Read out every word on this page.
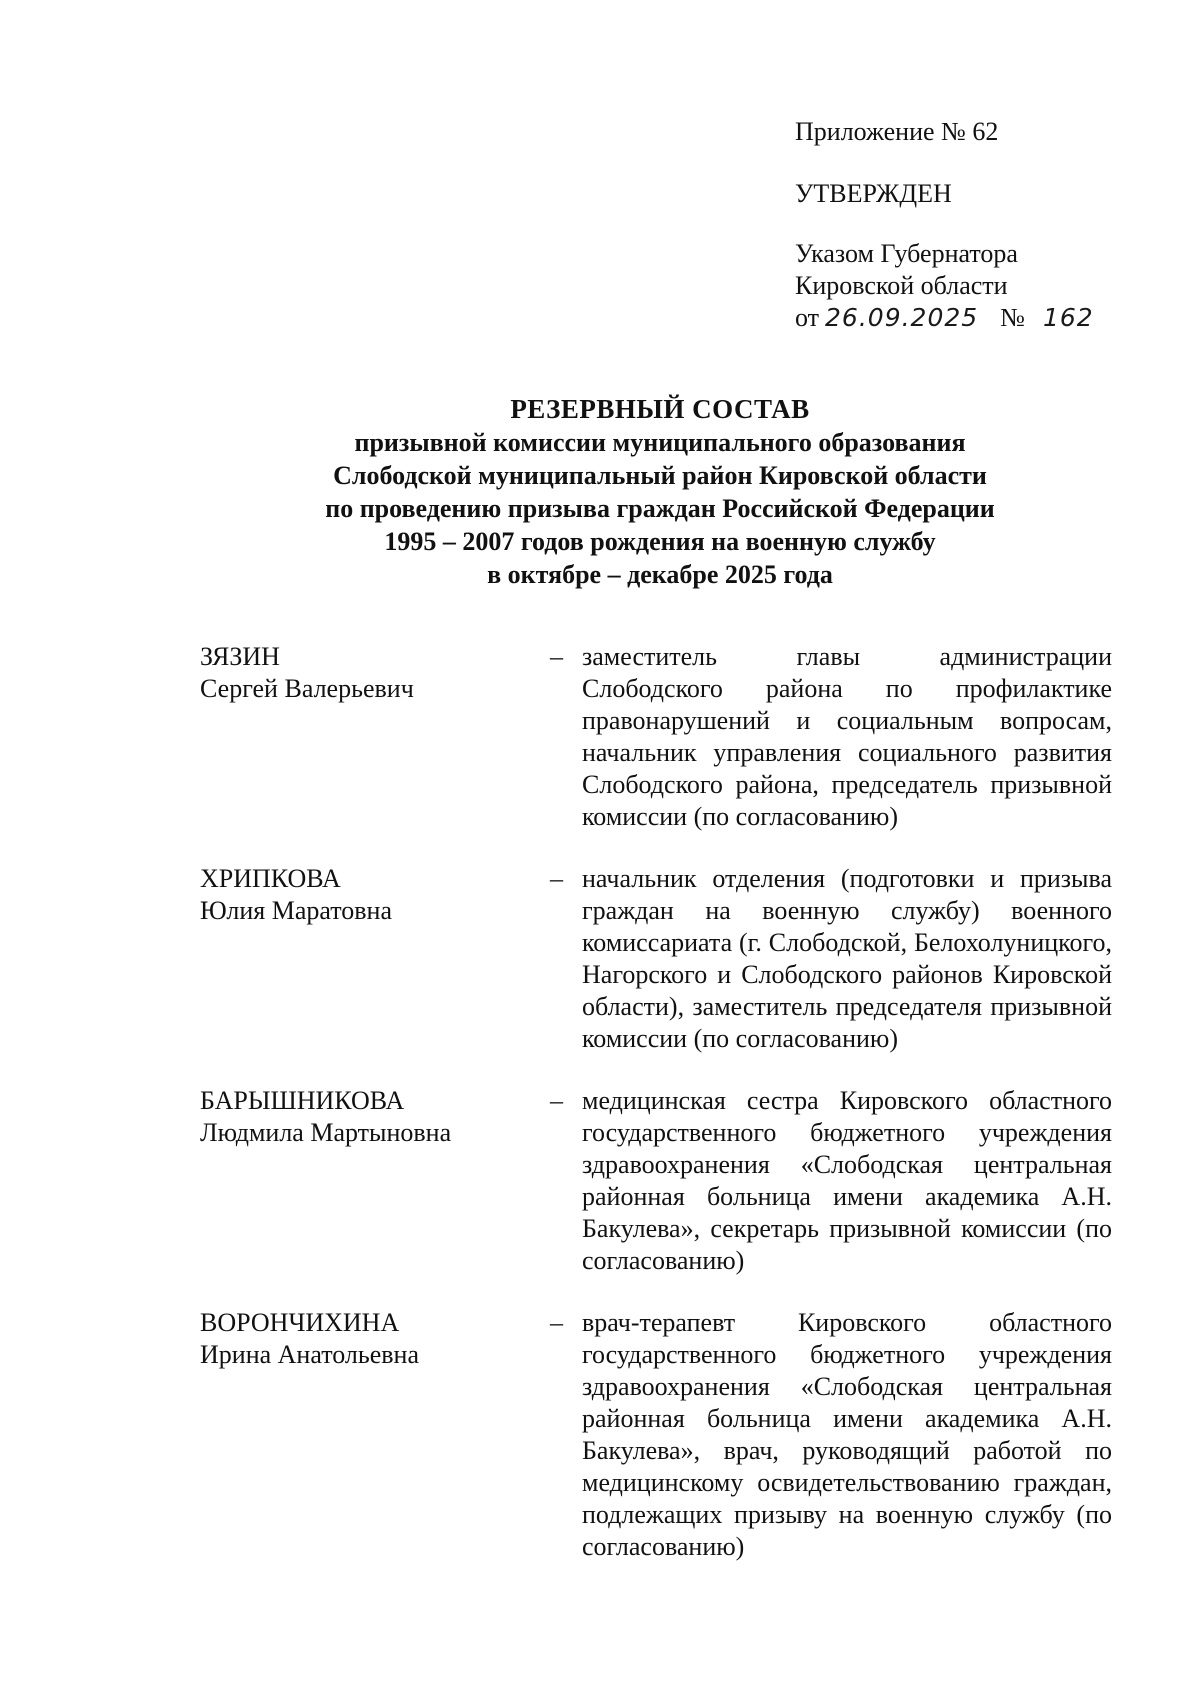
Приложение № 62
УТВЕРЖДЕН
Указом Губернатора
Кировской области
от 26.09.2025 № 162
РЕЗЕРВНЫЙ СОСТАВ
призывной комиссии муниципального образования
Слободской муниципальный район Кировской области
по проведению призыва граждан Российской Федерации
1995 – 2007 годов рождения на военную службу
в октябре – декабре 2025 года
ЗЯЗИН
Сергей Валерьевич
– заместитель главы администрации Слободского района по профилактике правонарушений и социальным вопросам, начальник управления социального развития Слободского района, председатель призывной комиссии (по согласованию)
ХРИПКОВА
Юлия Маратовна
– начальник отделения (подготовки и призыва граждан на военную службу) военного комиссариата (г. Слободской, Белохолуницкого, Нагорского и Слободского районов Кировской области), заместитель председателя призывной комиссии (по согласованию)
БАРЫШНИКОВА
Людмила Мартыновна
– медицинская сестра Кировского областного государственного бюджетного учреждения здравоохранения «Слободская центральная районная больница имени академика А.Н. Бакулева», секретарь призывной комиссии (по согласованию)
ВОРОНЧИХИНА
Ирина Анатольевна
– врач-терапевт Кировского областного государственного бюджетного учреждения здравоохранения «Слободская центральная районная больница имени академика А.Н. Бакулева», врач, руководящий работой по медицинскому освидетельствованию граждан, подлежащих призыву на военную службу (по согласованию)
